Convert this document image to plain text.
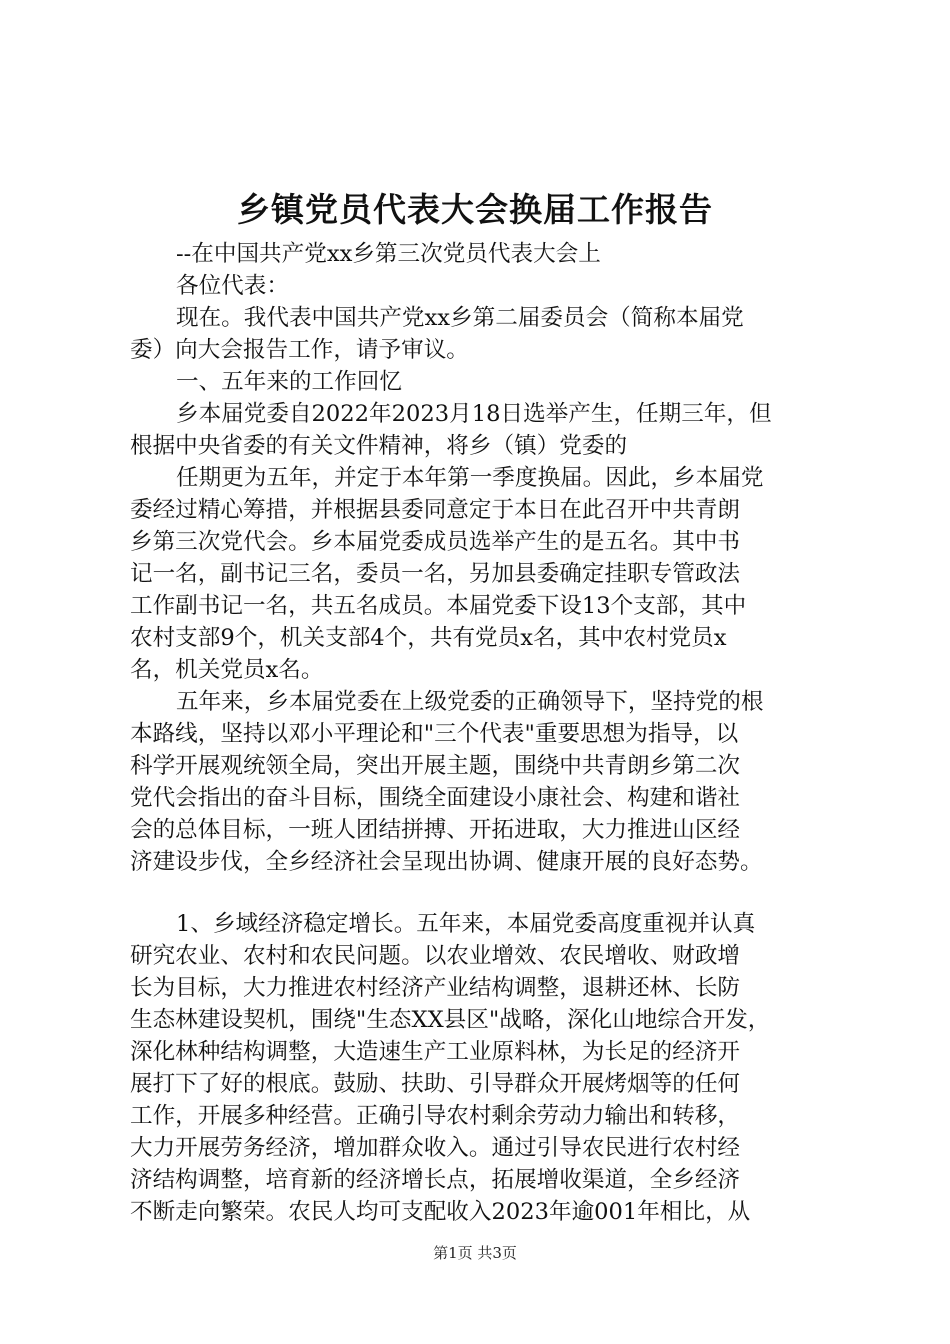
乡镇党员代表大会换届工作报告
--在中国共产党xx乡第三次党员代表大会上
各位代表：
现在。我代表中国共产党xx乡第二届委员会（简称本届党
委）向大会报告工作，请予审议。
一、五年来的工作回忆
乡本届党委自2022年2023月18日选举产生，任期三年，但
根据中央省委的有关文件精神，将乡（镇）党委的
任期更为五年，并定于本年第一季度换届。因此，乡本届党
委经过精心筹措，并根据县委同意定于本日在此召开中共青朗
乡第三次党代会。乡本届党委成员选举产生的是五名。其中书
记一名，副书记三名，委员一名，另加县委确定挂职专管政法
工作副书记一名，共五名成员。本届党委下设13个支部，其中
农村支部9个，机关支部4个，共有党员x名，其中农村党员x
名，机关党员x名。
五年来，乡本届党委在上级党委的正确领导下，坚持党的根
本路线，坚持以邓小平理论和"三个代表"重要思想为指导，以
科学开展观统领全局，突出开展主题，围绕中共青朗乡第二次
党代会指出的奋斗目标，围绕全面建设小康社会、构建和谐社
会的总体目标，一班人团结拼搏、开拓进取，大力推进山区经
济建设步伐，全乡经济社会呈现出协调、健康开展的良好态势。
1、乡域经济稳定增长。五年来，本届党委高度重视并认真
研究农业、农村和农民问题。以农业增效、农民增收、财政增
长为目标，大力推进农村经济产业结构调整，退耕还林、长防
生态林建设契机，围绕"生态XX县区"战略，深化山地综合开发，
深化林种结构调整，大造速生产工业原料林，为长足的经济开
展打下了好的根底。鼓励、扶助、引导群众开展烤烟等的任何
工作，开展多种经营。正确引导农村剩余劳动力输出和转移，
大力开展劳务经济，增加群众收入。通过引导农民进行农村经
济结构调整，培育新的经济增长点，拓展增收渠道，全乡经济
不断走向繁荣。农民人均可支配收入2023年逾001年相比，从
第1页 共3页
